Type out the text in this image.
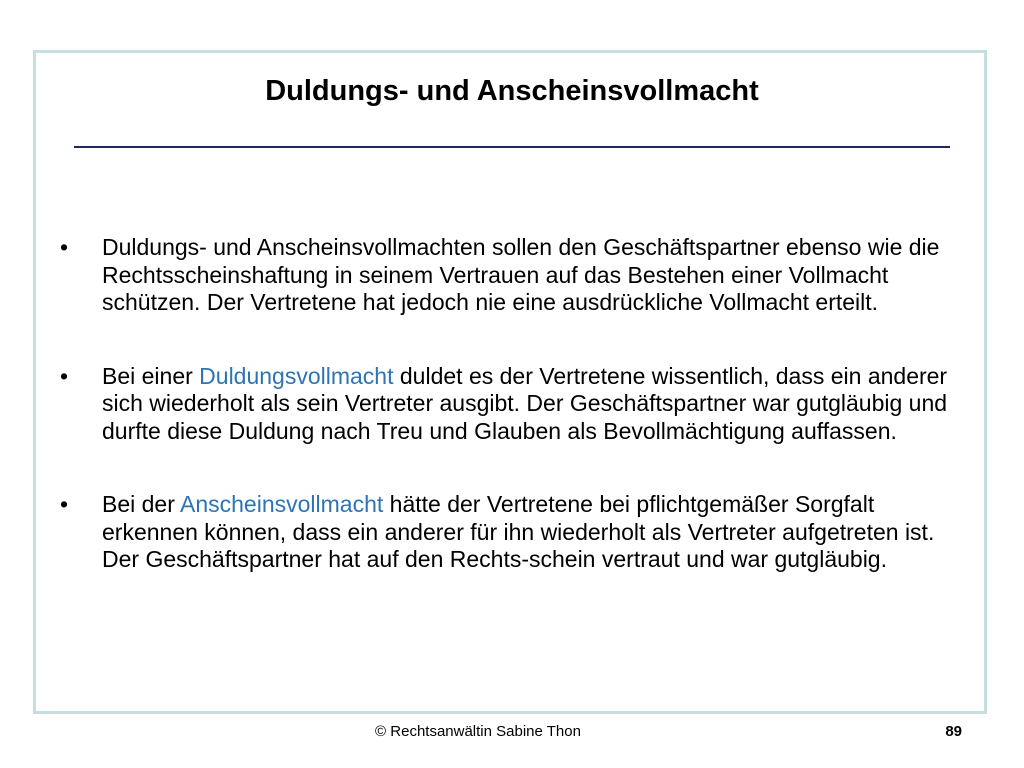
Duldungs- und Anscheinsvollmacht
•	Duldungs- und Anscheinsvollmachten sollen den Geschäftspartner ebenso wie die Rechtsscheinshaftung in seinem Vertrauen auf das Bestehen einer Vollmacht schützen. Der Vertretene hat jedoch nie eine ausdrückliche Vollmacht erteilt.
•	Bei einer Duldungsvollmacht duldet es der Vertretene wissentlich, dass ein anderer sich wiederholt als sein Vertreter ausgibt. Der Geschäftspartner war gutgläubig und durfte diese Duldung nach Treu und Glauben als Bevollmächtigung auffassen.
•	Bei der Anscheinsvollmacht hätte der Vertretene bei pflichtgemäßer Sorgfalt erkennen können, dass ein anderer für ihn wiederholt als Vertreter aufgetreten ist. Der Geschäftspartner hat auf den Rechts-schein vertraut und war gutgläubig.
© Rechtsanwältin Sabine Thon	89
